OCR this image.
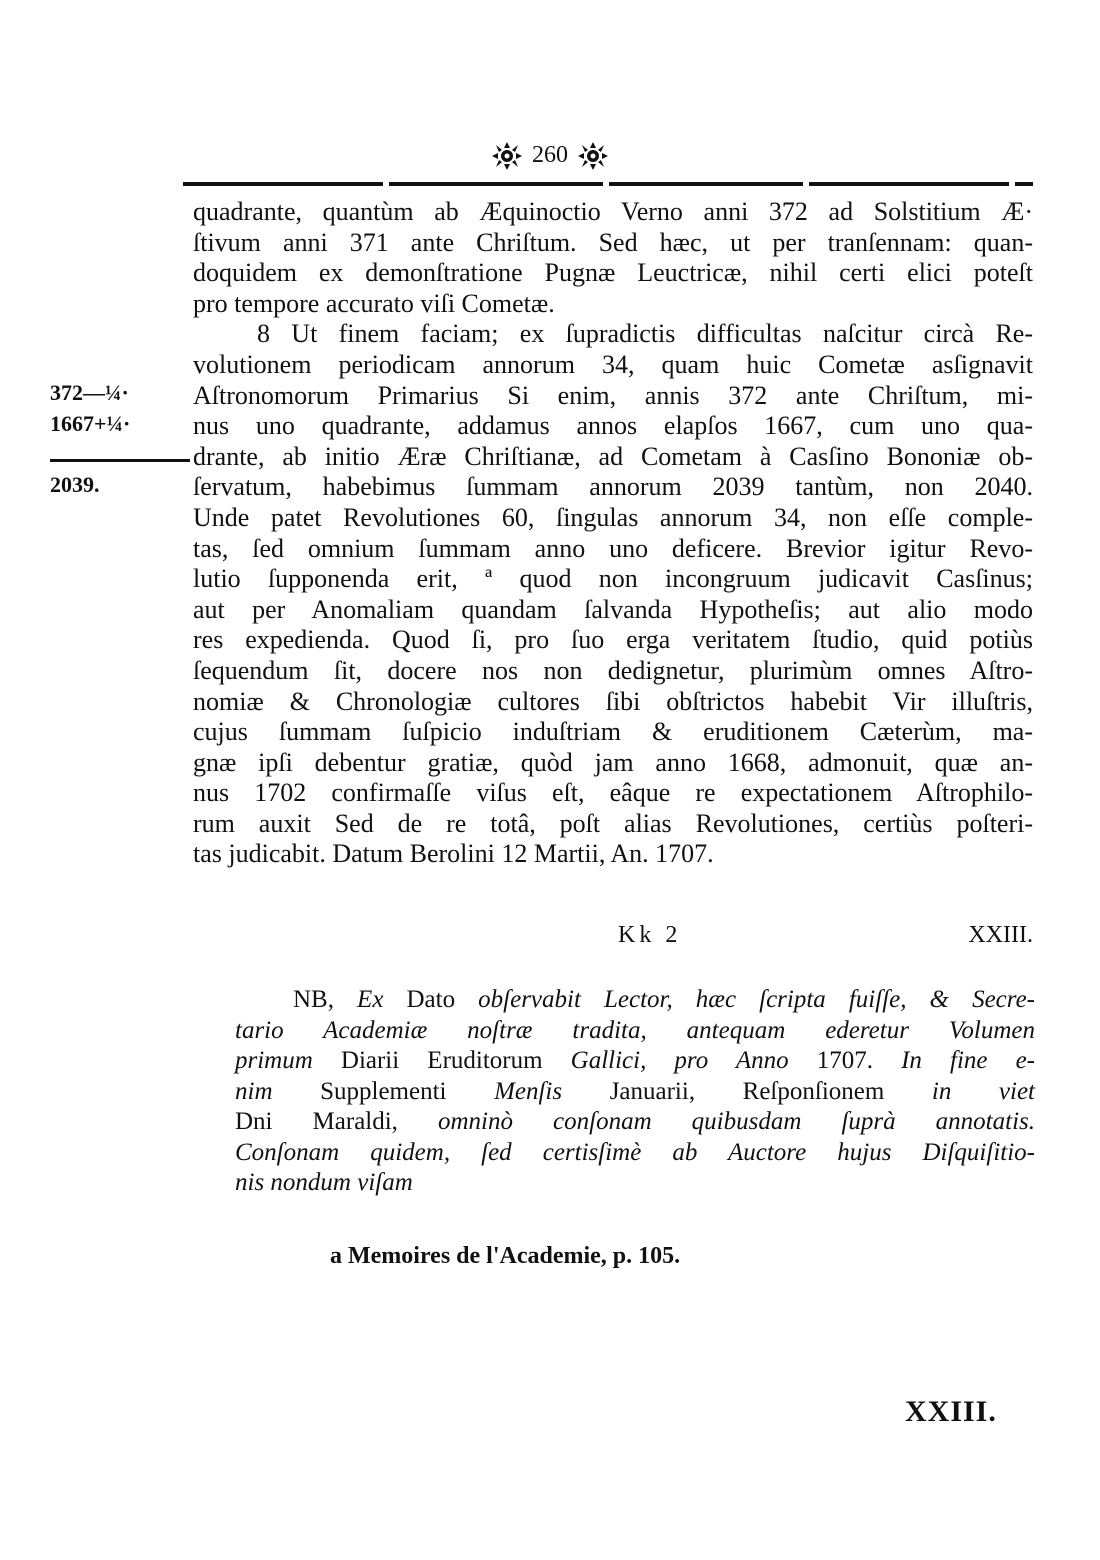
260
372—¼·
1667+¼·
2039.
quadrante, quantùm ab Æquinoctio Verno anni 372 ad Solstitium Æ·
ſtivum anni 371 ante Chriſtum. Sed hæc, ut per tranſennam: quan-
doquidem ex demonſtratione Pugnæ Leuctricæ, nihil certi elici poteſt
pro tempore accurato viſi Cometæ.
8 Ut finem faciam; ex ſupradictis difficultas naſcitur circà Re-
volutionem periodicam annorum 34, quam huic Cometæ asſignavit
Aſtronomorum Primarius Si enim, annis 372 ante Chriſtum, mi-
nus uno quadrante, addamus annos elapſos 1667, cum uno qua-
drante, ab initio Æræ Chriſtianæ, ad Cometam à Casſino Bononiæ ob-
ſervatum, habebimus ſummam annorum 2039 tantùm, non 2040.
Unde patet Revolutiones 60, ſingulas annorum 34, non eſſe comple-
tas, ſed omnium ſummam anno uno deficere. Brevior igitur Revo-
lutio ſupponenda erit, ª quod non incongruum judicavit Casſinus;
aut per Anomaliam quandam ſalvanda Hypotheſis; aut alio modo
res expedienda. Quod ſi, pro ſuo erga veritatem ſtudio, quid potiùs
ſequendum ſit, docere nos non dedignetur, plurimùm omnes Aſtro-
nomiæ & Chronologiæ cultores ſibi obſtrictos habebit Vir illuſtris,
cujus ſummam ſuſpicio induſtriam & eruditionem Cæterùm, ma-
gnæ ipſi debentur gratiæ, quòd jam anno 1668, admonuit, quæ an-
nus 1702 confirmaſſe viſus eſt, eâque re expectationem Aſtrophilo-
rum auxit Sed de re totâ, poſt alias Revolutiones, certiùs poſteri-
tas judicabit. Datum Berolini 12 Martii, An. 1707.
Kk 2	XXIII.
NB, Ex Dato obſervabit Lector, hæc ſcripta fuiſſe, & Secre-
tario Academiæ noſtræ tradita, antequam ederetur Volumen
primum Diarii Eruditorum Gallici, pro Anno 1707. In fine e-
nim Supplementi Menſis Januarii, Reſponſionem in viet
Dni Maraldi, omninò conſonam quibusdam ſuprà annotatis.
Conſonam quidem, ſed certisſimè ab Auctore hujus Diſquiſitio-
nis nondum viſam
a Memoires de l'Academie, p. 105.
XXIII.
